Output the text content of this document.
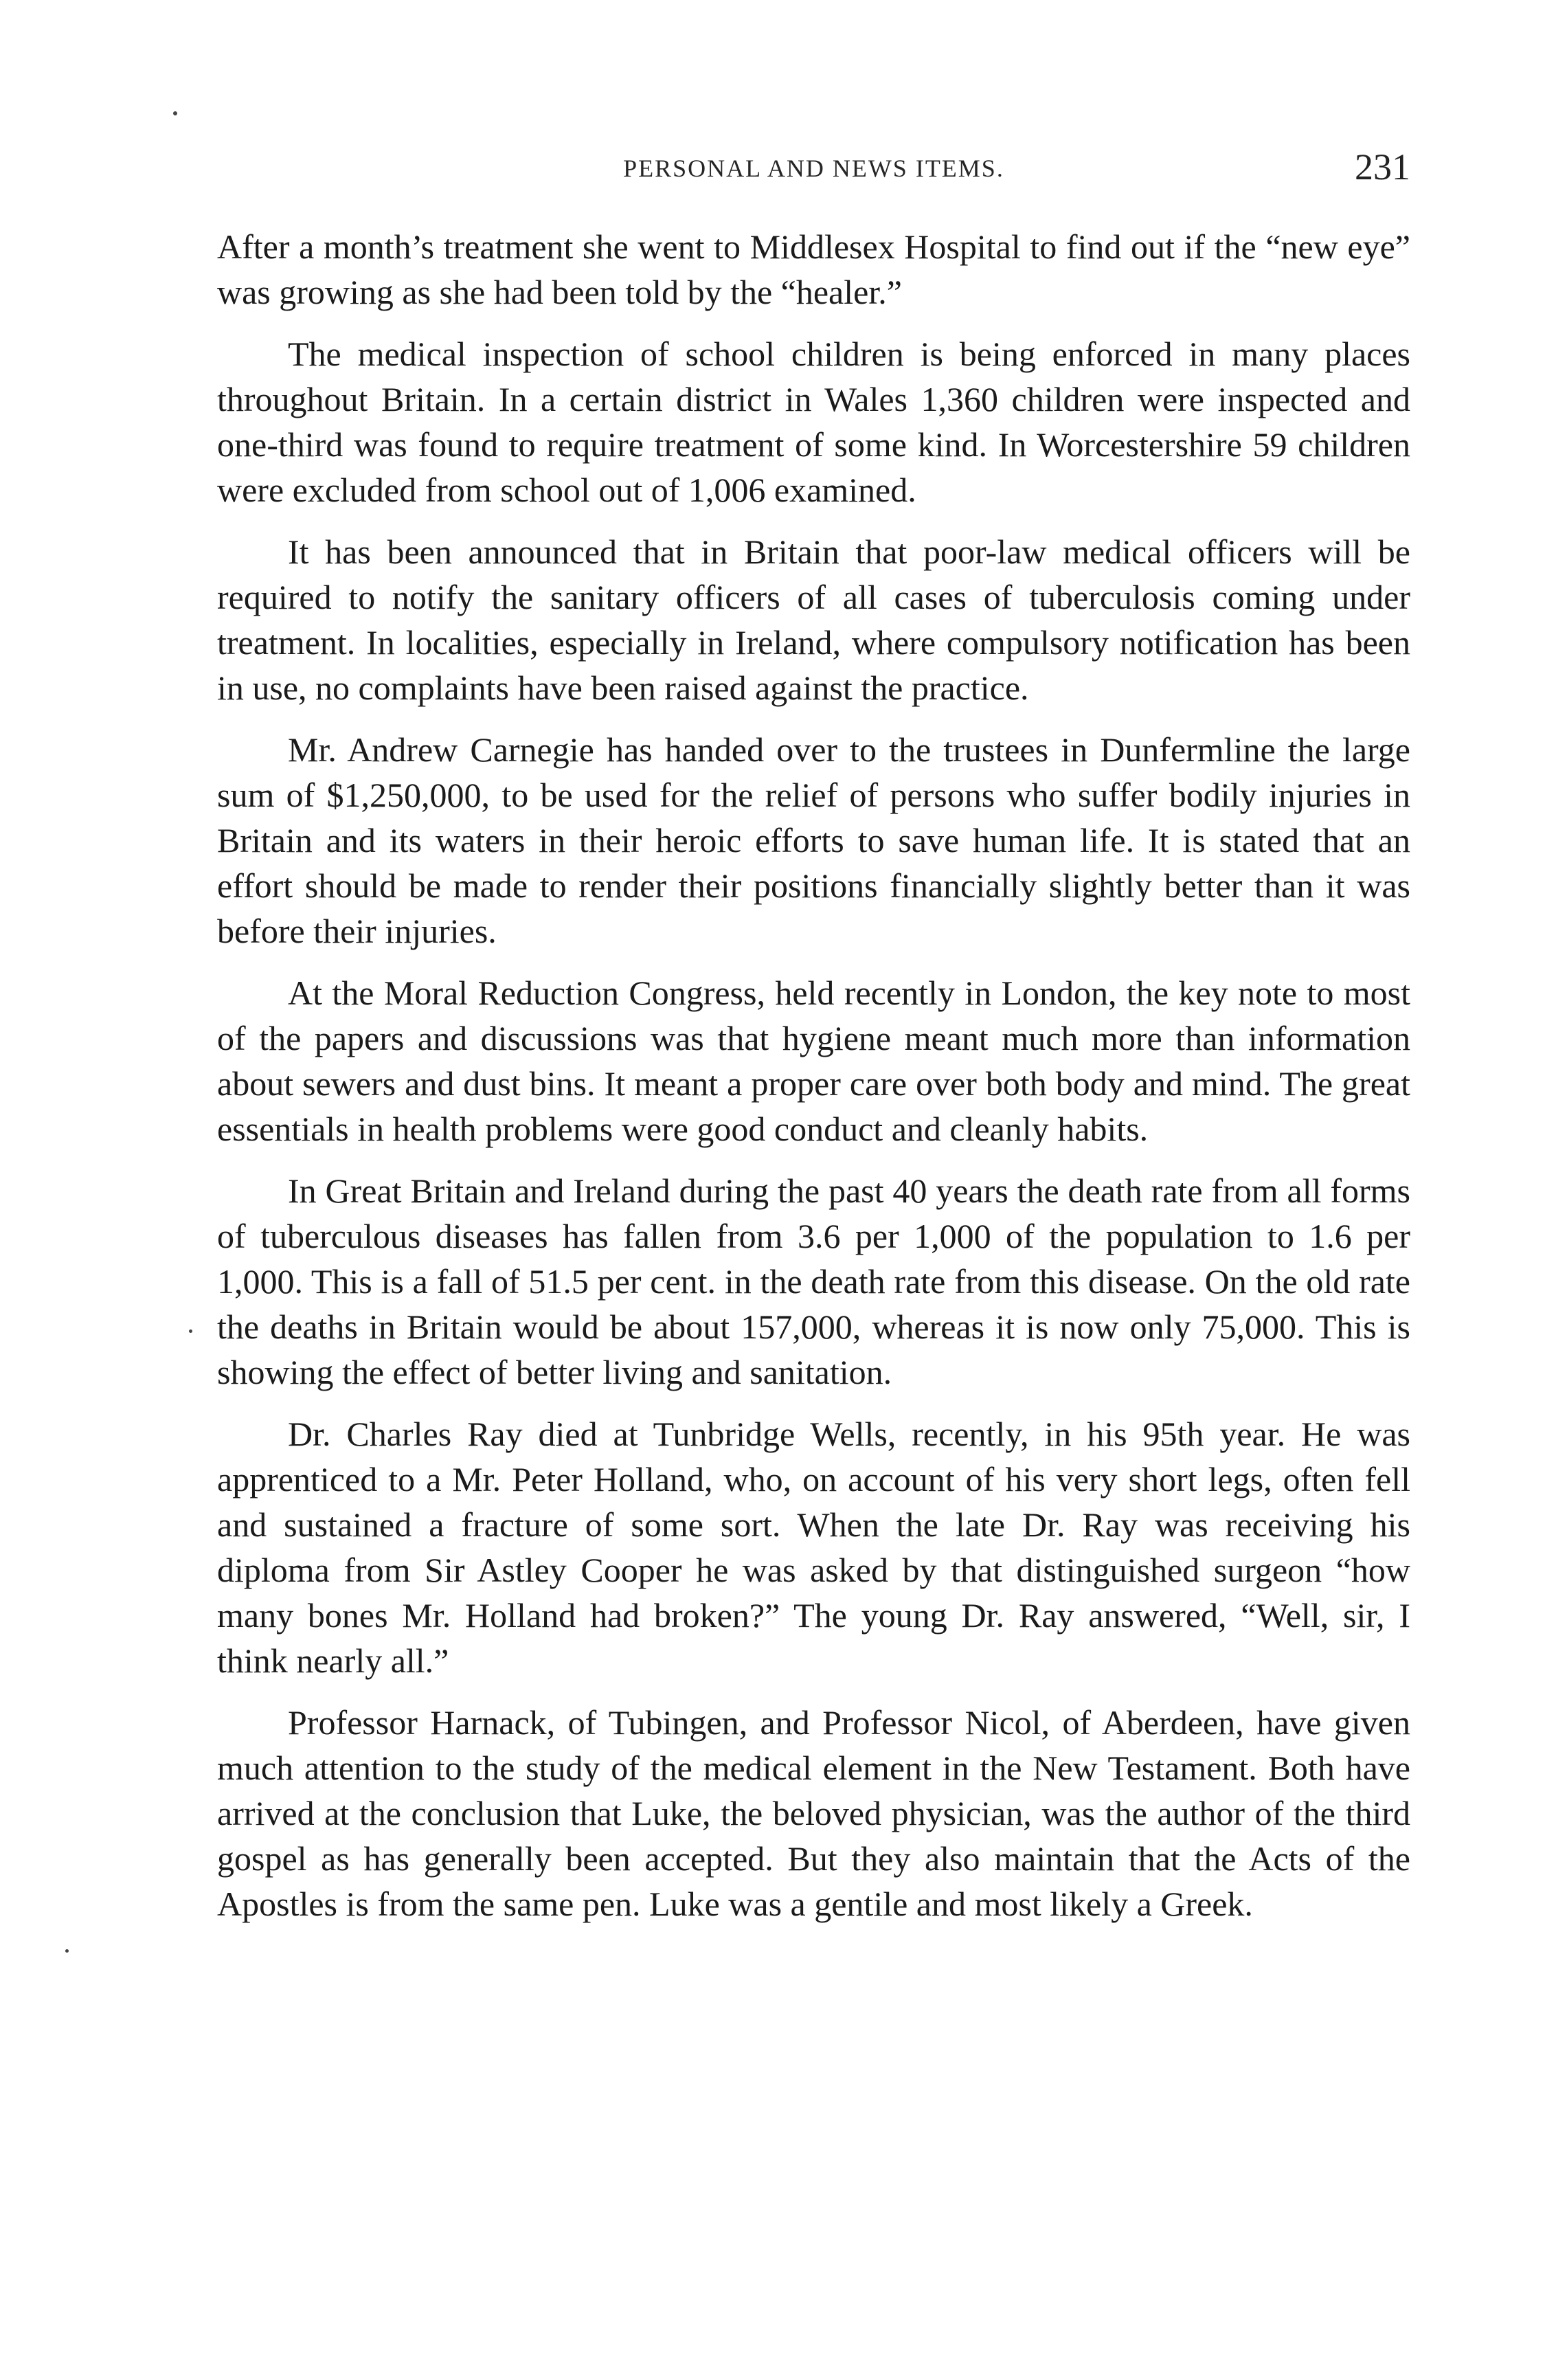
PERSONAL AND NEWS ITEMS.	231

After a month’s treatment she went to Middlesex Hospital to find out if the “new eye” was growing as she had been told by the “healer.”

The medical inspection of school children is being enforced in many places throughout Britain. In a certain district in Wales 1,360 children were inspected and one-third was found to require treatment of some kind. In Worcestershire 59 children were excluded from school out of 1,006 examined.

It has been announced that in Britain that poor-law medical officers will be required to notify the sanitary officers of all cases of tuberculosis coming under treatment. In localities, especially in Ireland, where compulsory notification has been in use, no complaints have been raised against the practice.

Mr. Andrew Carnegie has handed over to the trustees in Dunfermline the large sum of $1,250,000, to be used for the relief of persons who suffer bodily injuries in Britain and its waters in their heroic efforts to save human life. It is stated that an effort should be made to render their positions financially slightly better than it was before their injuries.

At the Moral Reduction Congress, held recently in London, the key note to most of the papers and discussions was that hygiene meant much more than information about sewers and dust bins. It meant a proper care over both body and mind. The great essentials in health problems were good conduct and cleanly habits.

In Great Britain and Ireland during the past 40 years the death rate from all forms of tuberculous diseases has fallen from 3.6 per 1,000 of the population to 1.6 per 1,000. This is a fall of 51.5 per cent. in the death rate from this disease. On the old rate the deaths in Britain would be about 157,000, whereas it is now only 75,000. This is showing the effect of better living and sanitation.

Dr. Charles Ray died at Tunbridge Wells, recently, in his 95th year. He was apprenticed to a Mr. Peter Holland, who, on account of his very short legs, often fell and sustained a fracture of some sort. When the late Dr. Ray was receiving his diploma from Sir Astley Cooper he was asked by that distinguished surgeon “how many bones Mr. Holland had broken?” The young Dr. Ray answered, “Well, sir, I think nearly all.”

Professor Harnack, of Tubingen, and Professor Nicol, of Aberdeen, have given much attention to the study of the medical element in the New Testament. Both have arrived at the conclusion that Luke, the beloved physician, was the author of the third gospel as has generally been accepted. But they also maintain that the Acts of the Apostles is from the same pen. Luke was a gentile and most likely a Greek.
